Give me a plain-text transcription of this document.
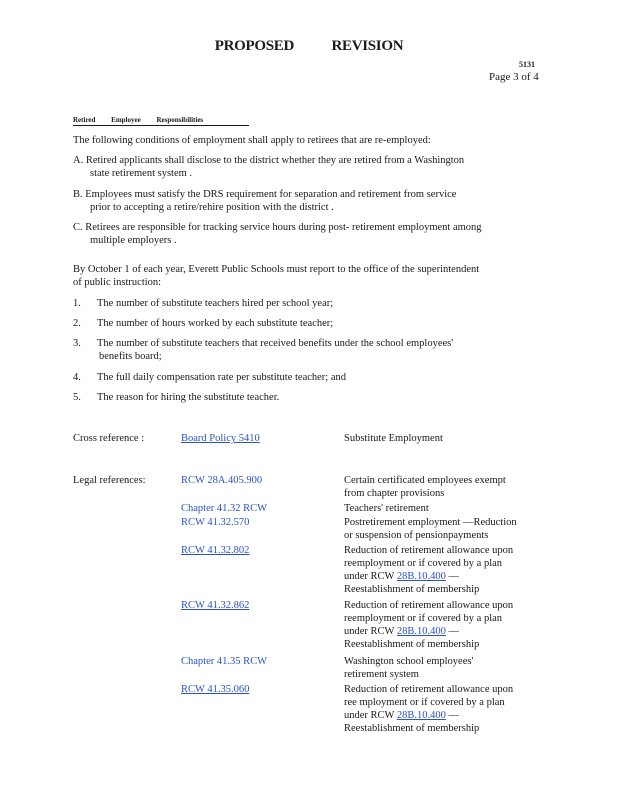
PROPOSED REVISION
5131
Page 3 of 4
Retired Employee Responsibilities
The following conditions of employment shall apply to retirees that are re-employed:
A. Retired applicants shall disclose to the district whether they are retired from a Washington
state retirement system .
B. Employees must satisfy the DRS requirement for separation and retirement from service
prior to accepting a retire/rehire position with the district .
C. Retirees are responsible for tracking service hours during post- retirement employment among
multiple employers .
By October 1 of each year, Everett Public Schools must report to the office of the superintendent
of public instruction:
1. The number of substitute teachers hired per school year;
2. The number of hours worked by each substitute teacher;
3. The number of substitute teachers that received benefits under the school employees'
benefits board;
4. The full daily compensation rate per substitute teacher; and
5. The reason for hiring the substitute teacher.
Cross reference :	Board Policy 5410	Substitute Employment
Legal references:	RCW 28A.405.900	Certain certificated employees exempt
from chapter provisions
Chapter 41.32 RCW	Teachers' retirement
RCW 41.32.570	Postretirement employment —Reduction
or suspension of pensionpayments
RCW 41.32.802	Reduction of retirement allowance upon
reemployment or if covered by a plan
under RCW 28B.10.400 —
Reestablishment of membership
RCW 41.32.862	Reduction of retirement allowance upon
reemployment or if covered by a plan
under RCW 28B.10.400 —
Reestablishment of membership
Chapter 41.35 RCW	Washington school employees'
retirement system
RCW 41.35.060	Reduction of retirement allowance upon
ree mployment or if covered by a plan
under RCW 28B.10.400 —
Reestablishment of membership
